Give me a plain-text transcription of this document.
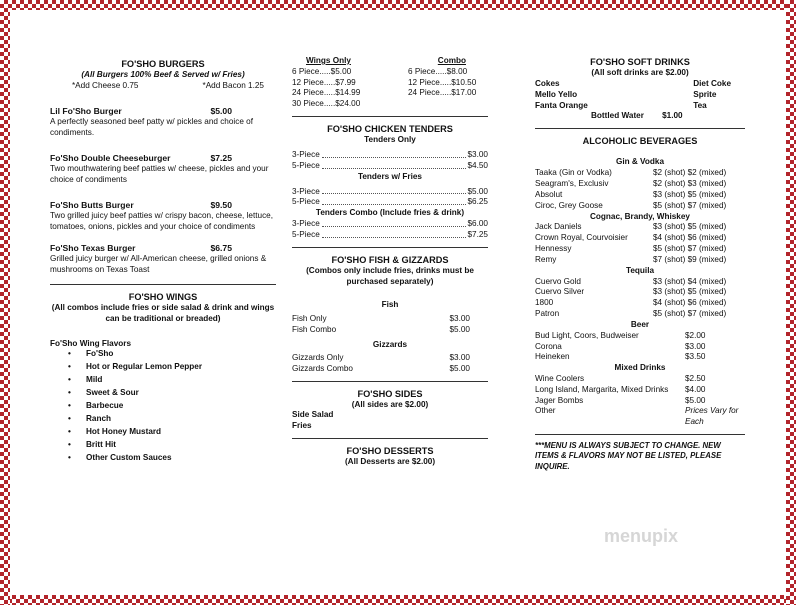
FO'SHO BURGERS
(All Burgers 100% Beef & Served w/ Fries)
*Add Cheese 0.75	*Add Bacon 1.25
Lil Fo'Sho Burger	$5.00
A perfectly seasoned beef patty w/ pickles and choice of condiments.
Fo'Sho Double Cheeseburger	$7.25
Two mouthwatering beef patties w/ cheese, pickles and your choice of condiments
Fo'Sho Butts Burger	$9.50
Two grilled juicy beef patties w/ crispy bacon, cheese, lettuce, tomatoes, onions, pickles and your choice of condiments
Fo'Sho Texas Burger	$6.75
Grilled juicy burger w/ All-American cheese, grilled onions & mushrooms on Texas Toast
FO'SHO WINGS
(All combos include fries or side salad & drink and wings can be traditional or breaded)
Fo'Sho Wing Flavors
• Fo'Sho
• Hot or Regular Lemon Pepper
• Mild
• Sweet & Sour
• Barbecue
• Ranch
• Hot Honey Mustard
• Britt Hit
• Other Custom Sauces
Wings Only	Combo
6 Piece.....$5.00	6 Piece.....$8.00
12 Piece.....$7.99	12 Piece.....$10.50
24 Piece.....$14.99	24 Piece.....$17.00
30 Piece.....$24.00
FO'SHO CHICKEN TENDERS
Tenders Only
3-Piece	$3.00
5-Piece	$4.50
Tenders w/ Fries
3-Piece	$5.00
5-Piece	$6.25
Tenders Combo (Include fries & drink)
3-Piece	$6.00
5-Piece	$7.25
FO'SHO FISH & GIZZARDS
(Combos only include fries, drinks must be purchased separately)
Fish
Fish Only	$3.00
Fish Combo	$5.00
Gizzards
Gizzards Only	$3.00
Gizzards Combo	$5.00
FO'SHO SIDES
(All sides are $2.00)
Side Salad
Fries
FO'SHO DESSERTS
(All Desserts are $2.00)
FO'SHO SOFT DRINKS
(All soft drinks are $2.00)
Cokes	Diet Coke
Mello Yello	Sprite
Fanta Orange	Tea
Bottled Water $1.00
ALCOHOLIC BEVERAGES
Gin & Vodka
Taaka (Gin or Vodka)	$2 (shot) $2 (mixed)
Seagram's, Exclusiv	$2 (shot) $3 (mixed)
Absolut	$3 (shot) $5 (mixed)
Ciroc, Grey Goose	$5 (shot) $7 (mixed)
Cognac, Brandy, Whiskey
Jack Daniels	$3 (shot) $5 (mixed)
Crown Royal, Courvoisier	$4 (shot) $6 (mixed)
Hennessy	$5 (shot) $7 (mixed)
Remy	$7 (shot) $9 (mixed)
Tequila
Cuervo Gold	$3 (shot) $4 (mixed)
Cuervo Silver	$3 (shot) $5 (mixed)
1800	$4 (shot) $6 (mixed)
Patron	$5 (shot) $7 (mixed)
Beer
Bud Light, Coors, Budweiser	$2.00
Corona	$3.00
Heineken	$3.50
Mixed Drinks
Wine Coolers	$2.50
Long Island, Margarita, Mixed Drinks	$4.00
Jager Bombs	$5.00
Other	Prices Vary for Each
***MENU IS ALWAYS SUBJECT TO CHANGE. NEW ITEMS & FLAVORS MAY NOT BE LISTED, PLEASE INQUIRE.
menupix
